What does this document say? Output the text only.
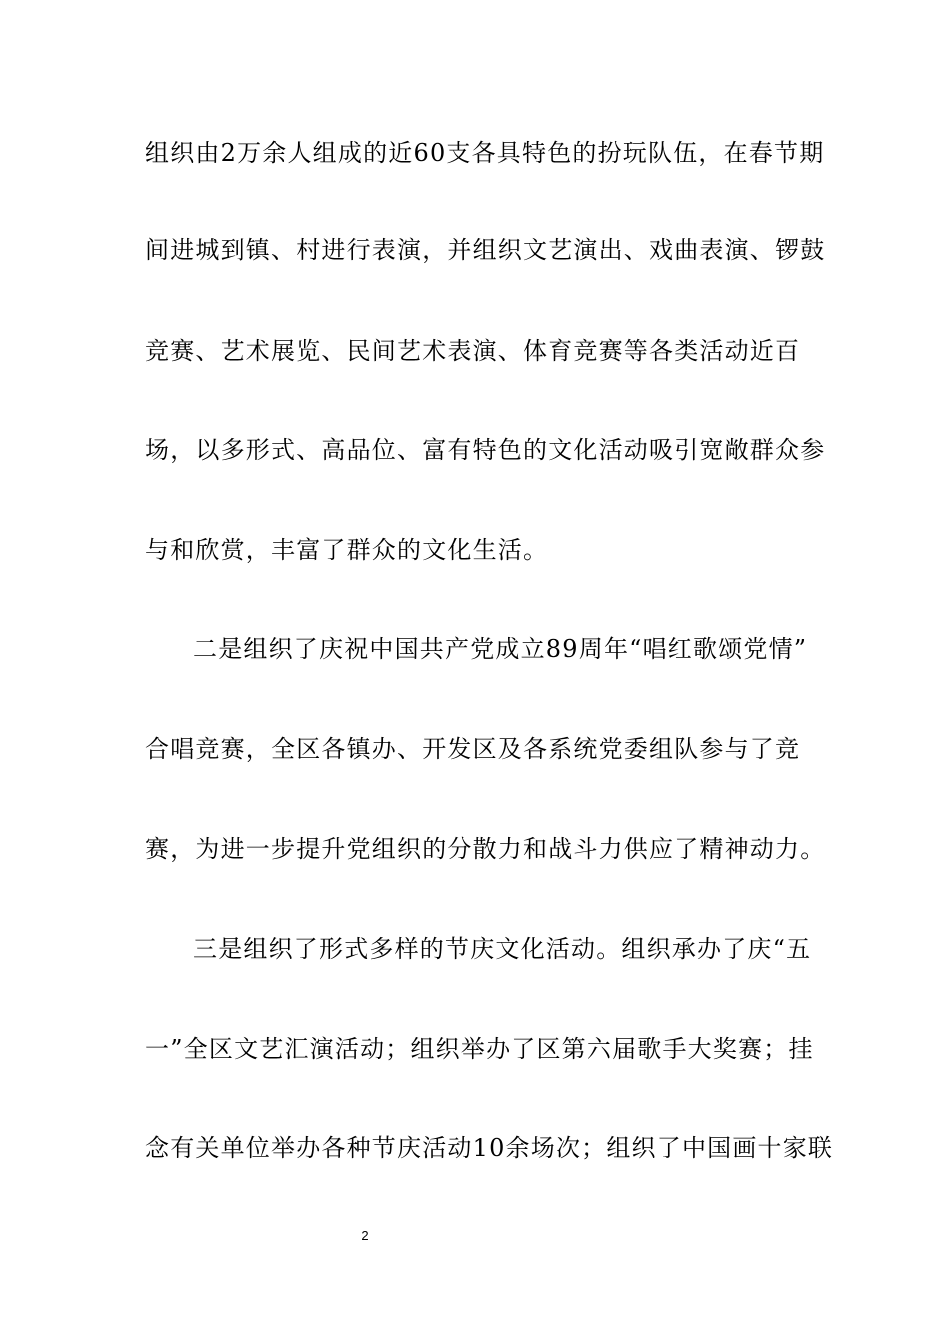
组织由2万余人组成的近60支各具特色的扮玩队伍，在春节期
间进城到镇、村进行表演，并组织文艺演出、戏曲表演、锣鼓
竞赛、艺术展览、民间艺术表演、体育竞赛等各类活动近百
场，以多形式、高品位、富有特色的文化活动吸引宽敞群众参
与和欣赏，丰富了群众的文化生活。
二是组织了庆祝中国共产党成立89周年“唱红歌颂党情”
合唱竞赛，全区各镇办、开发区及各系统党委组队参与了竞
赛，为进一步提升党组织的分散力和战斗力供应了精神动力。
三是组织了形式多样的节庆文化活动。组织承办了庆“五
一”全区文艺汇演活动；组织举办了区第六届歌手大奖赛；挂
念有关单位举办各种节庆活动10余场次；组织了中国画十家联
2
